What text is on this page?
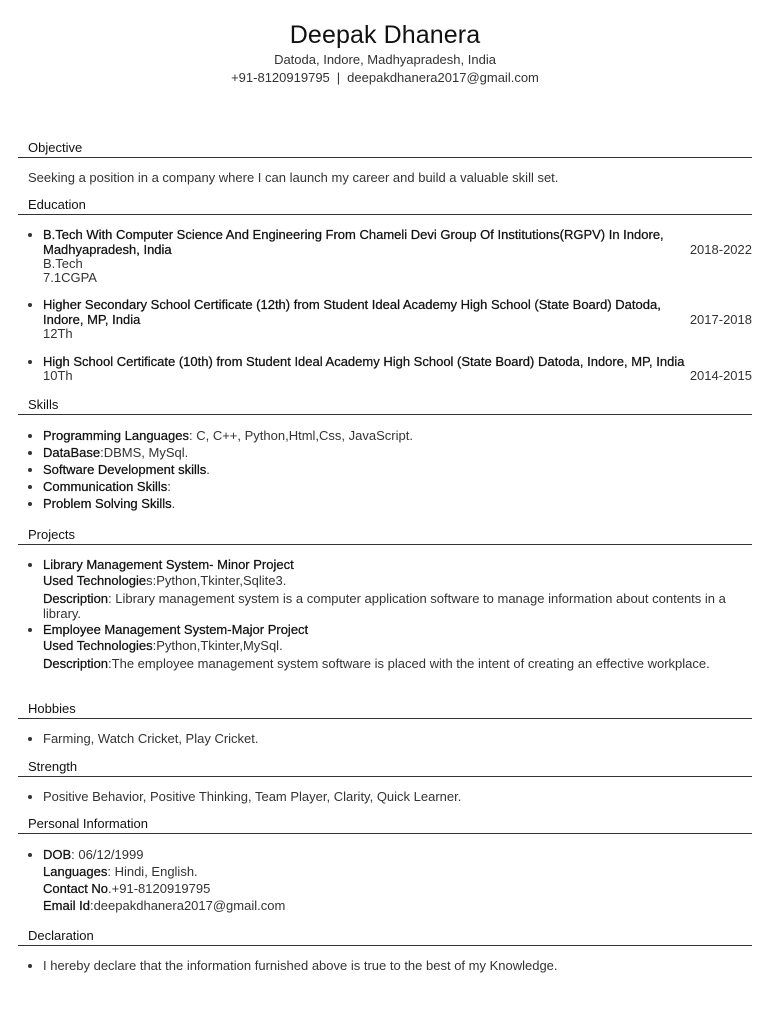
Deepak Dhanera
Datoda, Indore, Madhyapradesh, India
+91-8120919795 | deepakdhanera2017@gmail.com
Objective
Seeking a position in a company where I can launch my career and build a valuable skill set.
Education
• B.Tech With Computer Science And Engineering From Chameli Devi Group Of Institutions(RGPV) In Indore, Madhyapradesh, India	2018-2022
B.Tech
7.1CGPA
• Higher Secondary School Certificate (12th) from Student Ideal Academy High School (State Board) Datoda, Indore, MP, India	2017-2018
12Th
• High School Certificate (10th) from Student Ideal Academy High School (State Board) Datoda, Indore, MP, India
2014-2015
10Th
Skills
• Programming Languages: C, C++, Python,Html,Css, JavaScript.
• DataBase:DBMS, MySql.
• Software Development skills.
• Communication Skills:
• Problem Solving Skills.
Projects
• Library Management System- Minor Project
Used Technologies:Python,Tkinter,Sqlite3.
Description: Library management system is a computer application software to manage information about contents in a library.
• Employee Management System-Major Project
Used Technologies:Python,Tkinter,MySql.
Description:The employee management system software is placed with the intent of creating an effective workplace.
Hobbies
• Farming, Watch Cricket, Play Cricket.
Strength
• Positive Behavior, Positive Thinking, Team Player, Clarity, Quick Learner.
Personal Information
• DOB: 06/12/1999
Languages: Hindi, English.
Contact No.+91-8120919795
Email Id:deepakdhanera2017@gmail.com
Declaration
• I hereby declare that the information furnished above is true to the best of my Knowledge.
